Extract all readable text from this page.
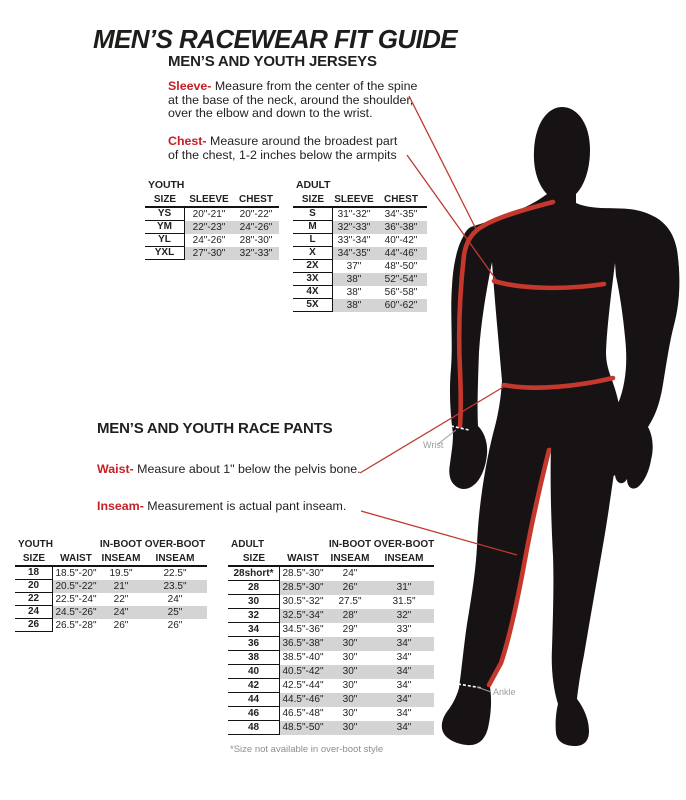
MEN’S RACEWEAR FIT GUIDE
MEN’S AND YOUTH JERSEYS
Sleeve- Measure from the center of the spine
at the base of the neck, around the shoulder,
over the elbow and down to the wrist.
Chest- Measure around the broadest part
of the chest, 1-2 inches below the armpits
YOUTH
SIZE	SLEEVE	CHEST
YS	20"-21"	20"-22"
YM	22"-23"	24"-26"
YL	24"-26"	28"-30"
YXL	27"-30"	32"-33"
ADULT
SIZE	SLEEVE	CHEST
S	31"-32"	34"-35"
M	32"-33"	36"-38"
L	33"-34"	40"-42"
X	34"-35"	44"-46"
2X	37"	48"-50"
3X	38"	52"-54"
4X	38"	56"-58"
5X	38"	60"-62"
MEN’S AND YOUTH RACE PANTS
Waist- Measure about 1" below the pelvis bone.
Inseam- Measurement is actual pant inseam.
YOUTH	IN-BOOT OVER-BOOT
SIZE	WAIST INSEAM	INSEAM
18	18.5"-20"	19.5"	22.5"
20	20.5"-22"	21"	23.5"
22	22.5"-24"	22"	24"
24	24.5"-26"	24"	25"
26	26.5"-28"	26"	26"
ADULT	IN-BOOT OVER-BOOT
SIZE	WAIST	INSEAM	INSEAM
28short* 28.5"-30"	24"
28	28.5"-30"	26"	31"
30	30.5"-32"	27.5"	31.5"
32	32.5"-34"	28"	32"
34	34.5"-36"	29"	33"
36	36.5"-38"	30"	34"
38	38.5"-40"	30"	34"
40	40.5"-42"	30"	34"
42	42.5"-44"	30"	34"
44	44.5"-46"	30"	34"
46	46.5"-48"	30"	34"
48	48.5"-50"	30"	34"
*Size not available in over-boot style
Wrist
Ankle
